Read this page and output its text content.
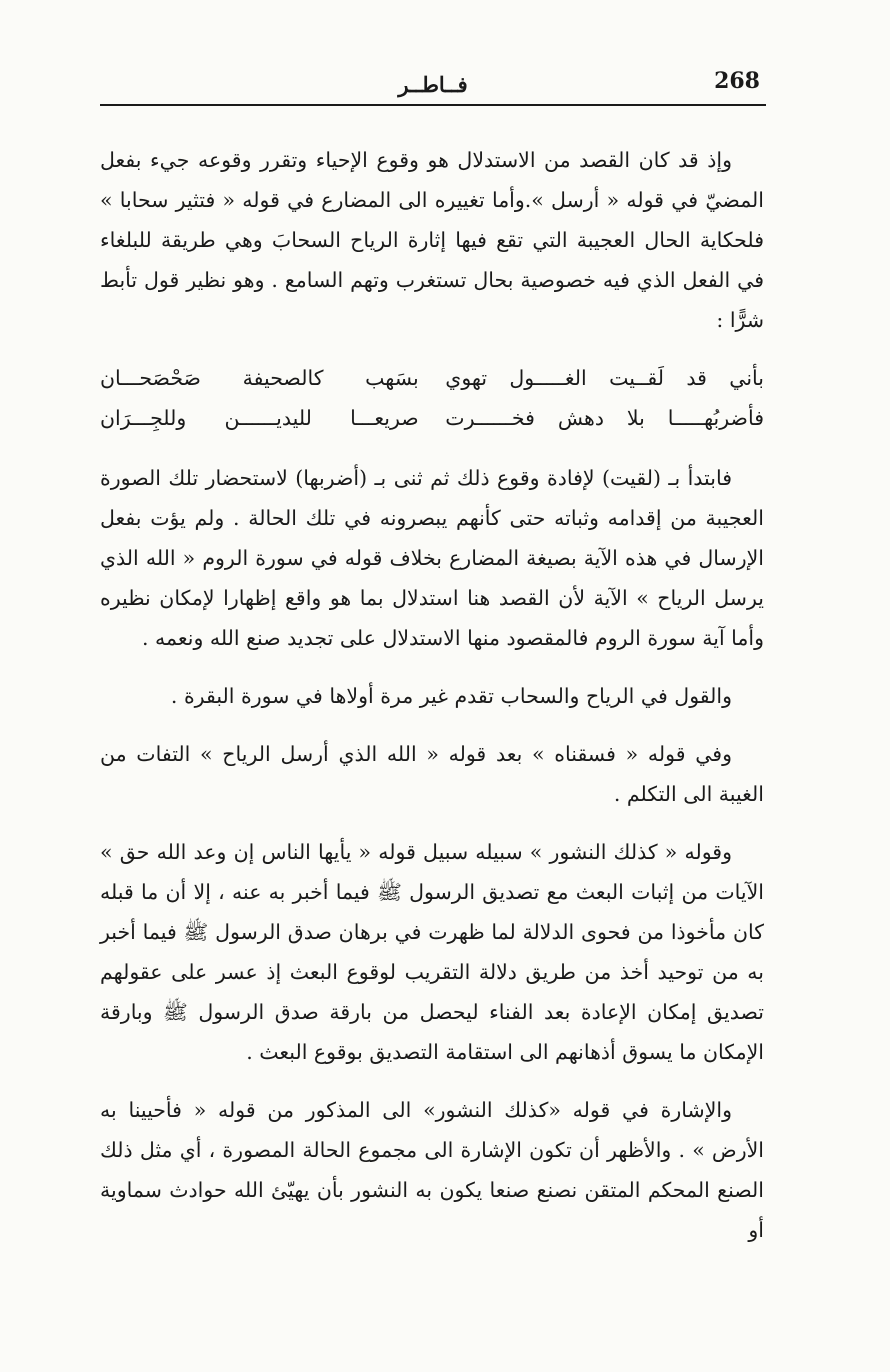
268
فــاطــر

وإذ قد كان القصد من الاستدلال هو وقوع الإحياء وتقرر وقوعه جيء بفعل المضيّ في قوله « أرسل ».وأما تغييره الى المضارع في قوله « فتثير سحابا » فلحكاية الحال العجيبة التي تقع فيها إثارة الرياح السحابَ وهي طريقة للبلغاء في الفعل الذي فيه خصوصية بحال تستغرب وتهم السامع . وهو نظير قول تأبط شرًّا :

بأني قد لَقــيت الغـــــول تهوي
بسَهب كالصحيفة صَحْصَحـــان
فأضربُهـــــا بلا دهش فخــــــرت
صريعـــا لليديــــــن وللجِـــرَان

فابتدأ بـ (لقيت) لإفادة وقوع ذلك ثم ثنى بـ (أضربها) لاستحضار تلك الصورة العجيبة من إقدامه وثباته حتى كأنهم يبصرونه في تلك الحالة . ولم يؤت بفعل الإرسال في هذه الآية بصيغة المضارع بخلاف قوله في سورة الروم « الله الذي يرسل الرياح » الآية لأن القصد هنا استدلال بما هو واقع إظهارا لإمكان نظيره وأما آية سورة الروم فالمقصود منها الاستدلال على تجديد صنع الله ونعمه .

والقول في الرياح والسحاب تقدم غير مرة أولاها في سورة البقرة .

وفي قوله « فسقناه » بعد قوله « الله الذي أرسل الرياح » التفات من الغيبة الى التكلم .

وقوله « كذلك النشور » سبيله سبيل قوله « يأيها الناس إن وعد الله حق » الآيات من إثبات البعث مع تصديق الرسول ﷺ فيما أخبر به عنه ، إلا أن ما قبله كان مأخوذا من فحوى الدلالة لما ظهرت في برهان صدق الرسول ﷺ فيما أخبر به من توحيد أخذ من طريق دلالة التقريب لوقوع البعث إذ عسر على عقولهم تصديق إمكان الإعادة بعد الفناء ليحصل من بارقة صدق الرسول ﷺ وبارقة الإمكان ما يسوق أذهانهم الى استقامة التصديق بوقوع البعث .

والإشارة في قوله «كذلك النشور» الى المذكور من قوله « فأحيينا به الأرض » . والأظهر أن تكون الإشارة الى مجموع الحالة المصورة ، أي مثل ذلك الصنع المحكم المتقن نصنع صنعا يكون به النشور بأن يهيّئ الله حوادث سماوية أو
